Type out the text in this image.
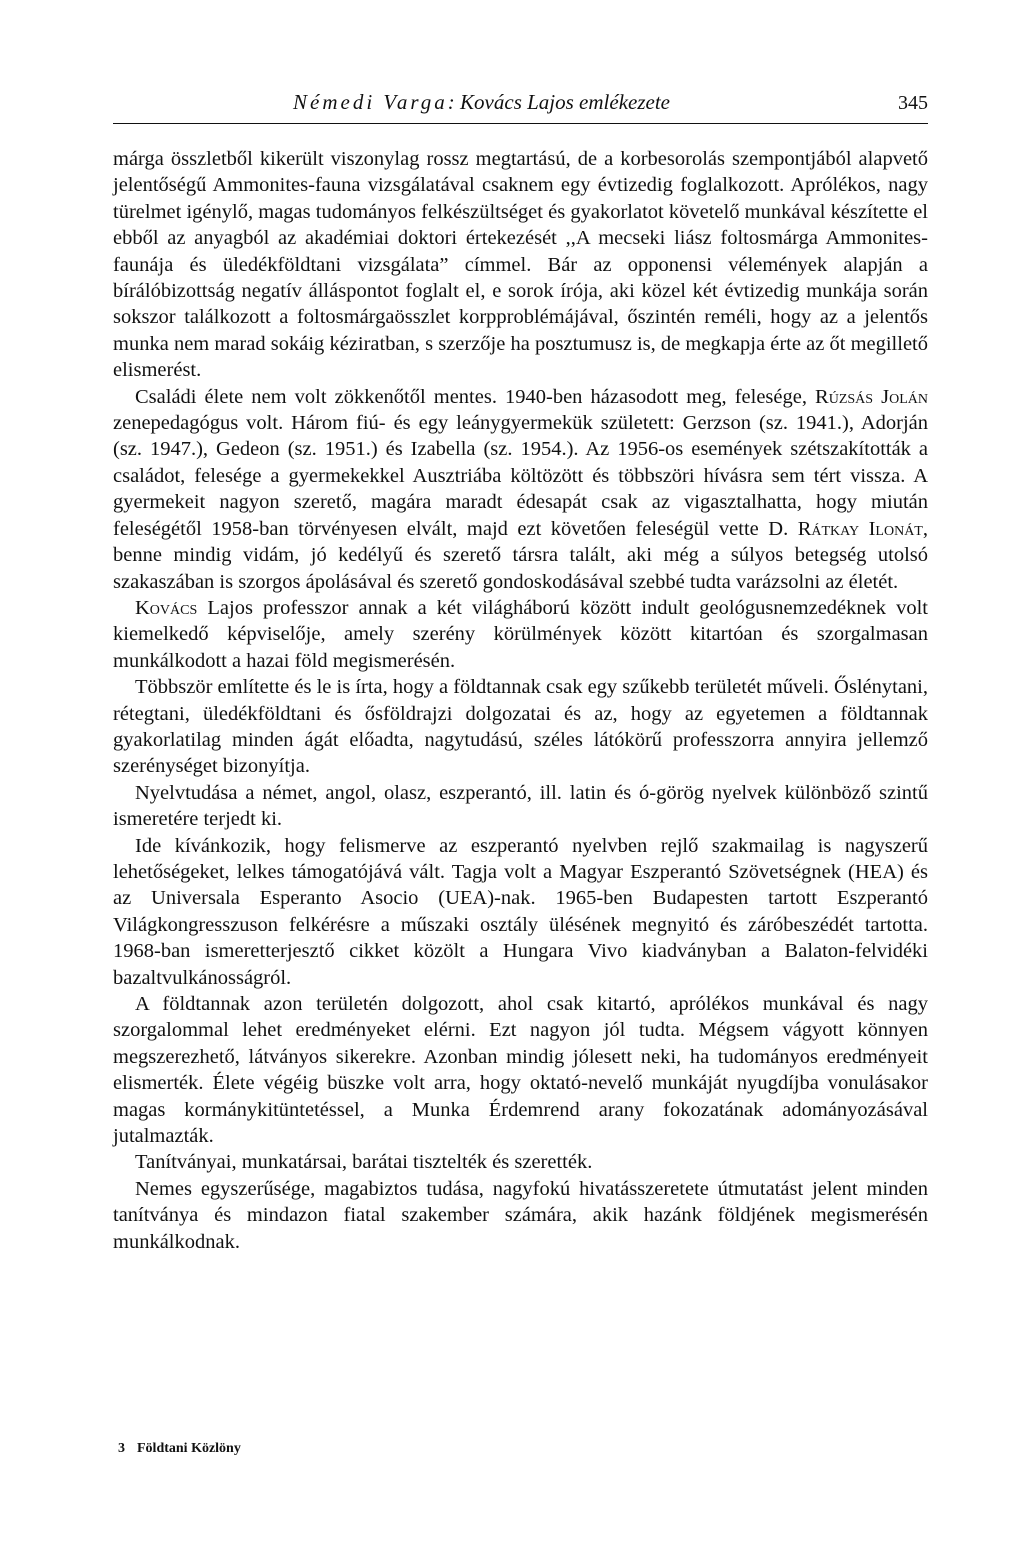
Némedi Varga: Kovács Lajos emlékezete	345

márga összletből kikerült viszonylag rossz megtartású, de a korbesorolás szempontjából alapvető jelentőségű Ammonites-fauna vizsgálatával csaknem egy évtizedig foglalkozott. Aprólékos, nagy türelmet igénylő, magas tudományos felkészültséget és gyakorlatot követelő munkával készítette el ebből az anyagból az akadémiai doktori értekezését ,,A mecseki liász foltosmárga Ammonites-faunája és üledékföldtani vizsgálata” címmel. Bár az opponensi vélemények alapján a bírálóbizottság negatív álláspontot foglalt el, e sorok írója, aki közel két évtizedig munkája során sokszor találkozott a foltosmárgaösszlet korpproblémájával, őszintén reméli, hogy az a jelentős munka nem marad sokáig kéziratban, s szerzője ha posztumusz is, de megkapja érte az őt megillető elismerést.

Családi élete nem volt zökkenőtől mentes. 1940-ben házasodott meg, felesége, Rúzsás Jolán zenepedagógus volt. Három fiú- és egy leánygyermekük született: Gerzson (sz. 1941.), Adorján (sz. 1947.), Gedeon (sz. 1951.) és Izabella (sz. 1954.). Az 1956-os események szétszakították a családot, felesége a gyermekekkel Ausztriába költözött és többszöri hívásra sem tért vissza. A gyermekeit nagyon szerető, magára maradt édesapát csak az vigasztalhatta, hogy miután feleségétől 1958-ban törvényesen elvált, majd ezt követően feleségül vette D. Rátkay Ilonát, benne mindig vidám, jó kedélyű és szerető társra talált, aki még a súlyos betegség utolsó szakaszában is szorgos ápolásával és szerető gondoskodásával szebbé tudta varázsolni az életét.

Kovács Lajos professzor annak a két világháború között indult geológusnemzedéknek volt kiemelkedő képviselője, amely szerény körülmények között kitartóan és szorgalmasan munkálkodott a hazai föld megismerésén.

Többször említette és le is írta, hogy a földtannak csak egy szűkebb területét művelі. Őslénytani, rétegtani, üledékföldtani és ősföldrajzi dolgozatai és az, hogy az egyetemen a földtannak gyakorlatilag minden ágát előadta, nagytudású, széles látókörű professzorra annyira jellemző szerénységet bizonyítja.

Nyelvtudása a német, angol, olasz, eszperantó, ill. latin és ó-görög nyelvek különböző szintű ismeretére terjedt ki.

Ide kívánkozik, hogy felismerve az eszperantó nyelvben rejlő szakmailag is nagyszerű lehetőségeket, lelkes támogatójává vált. Tagja volt a Magyar Eszperantó Szövetségnek (HEA) és az Universala Esperanto Asocio (UEA)-nak. 1965-ben Budapesten tartott Eszperantó Világkongresszuson felkérésre a műszaki osztály ülésének megnyitó és záróbeszédét tartotta. 1968-ban ismeretterjesztő cikket közölt a Hungara Vivo kiadványban a Balaton-felvidéki bazaltvulkánosságról.

A földtannak azon területén dolgozott, ahol csak kitartó, aprólékos munkával és nagy szorgalommal lehet eredményeket elérni. Ezt nagyon jól tudta. Mégsem vágyott könnyen megszerezhető, látványos sikerekre. Azonban mindig jólesett neki, ha tudományos eredményeit elismerték. Élete végéig büszke volt arra, hogy oktató-nevelő munkáját nyugdíjba vonulásakor magas kormánykitüntetéssel, a Munka Érdemrend arany fokozatának adományozásával jutalmazták.

Tanítványai, munkatársai, barátai tisztelték és szerették.

Nemes egyszerűsége, magabiztos tudása, nagyfokú hivatásszeretete útmutatást jelent minden tanítványa és mindazon fiatal szakember számára, akik hazánk földjének megismerésén munkálkodnak.

3 Földtani Közlöny
